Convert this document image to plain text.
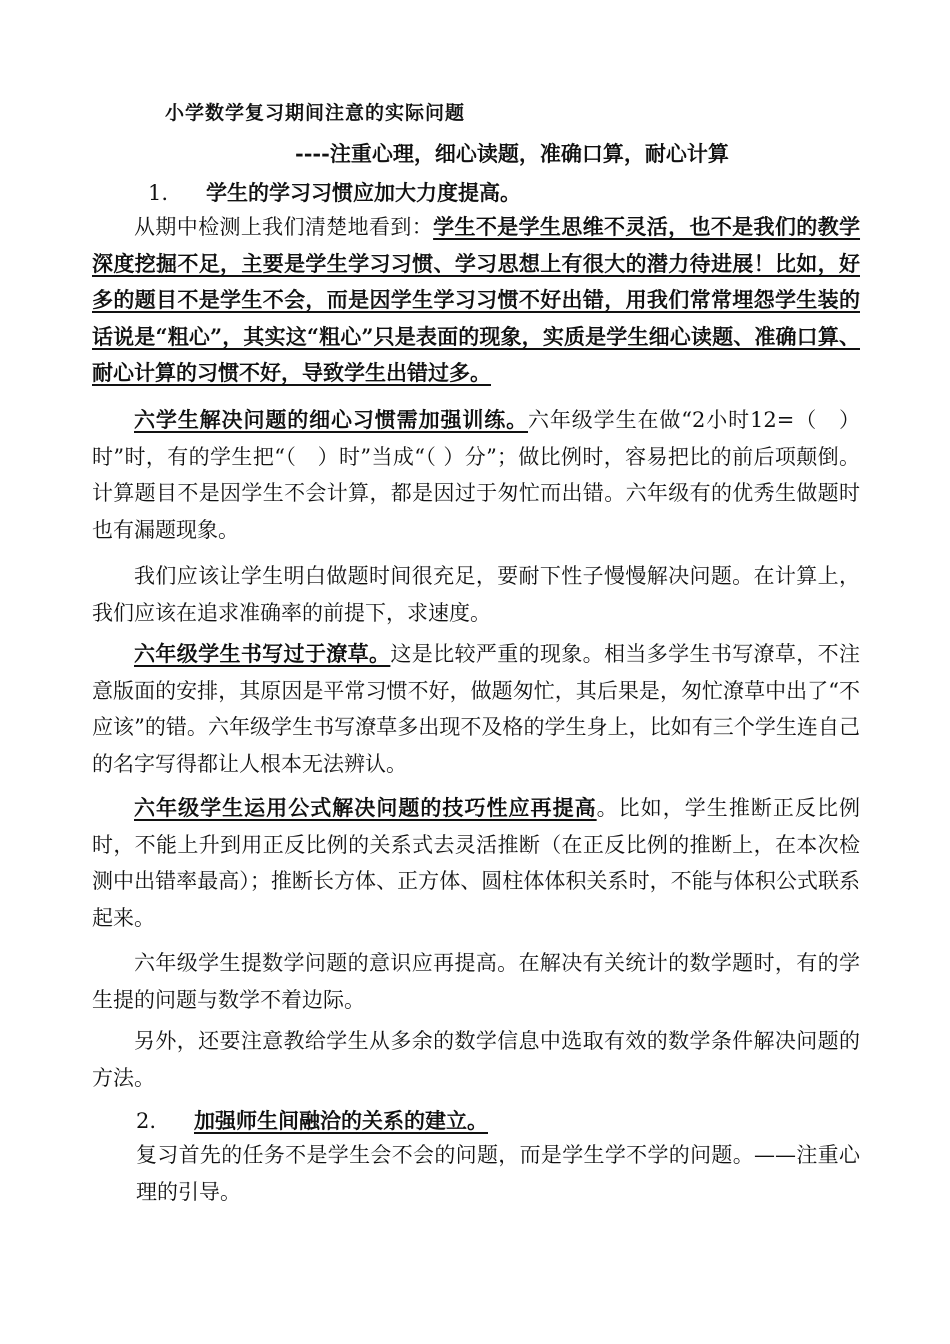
小学数学复习期间注意的实际问题
----注重心理，细心读题，准确口算，耐心计算
1. 学生的学习习惯应加大力度提高。
从期中检测上我们清楚地看到：学生不是学生思维不灵活，也不是我们的教学深度挖掘不足，主要是学生学习习惯、学习思想上有很大的潜力待进展！比如，好多的题目不是学生不会，而是因学生学习习惯不好出错，用我们常常埋怨学生装的话说是“粗心”，其实这“粗心”只是表面的现象，实质是学生细心读题、准确口算、耐心计算的习惯不好，导致学生出错过多。
六学生解决问题的细心习惯需加强训练。六年级学生在做“2小时12=（　）时”时，有的学生把“（　）时”当成“（ ）分”；做比例时，容易把比的前后项颠倒。计算题目不是因学生不会计算，都是因过于匆忙而出错。六年级有的优秀生做题时也有漏题现象。
我们应该让学生明白做题时间很充足，要耐下性子慢慢解决问题。在计算上，我们应该在追求准确率的前提下，求速度。
六年级学生书写过于潦草。这是比较严重的现象。相当多学生书写潦草，不注意版面的安排，其原因是平常习惯不好，做题匆忙，其后果是，匆忙潦草中出了“不应该”的错。六年级学生书写潦草多出现不及格的学生身上，比如有三个学生连自己的名字写得都让人根本无法辨认。
六年级学生运用公式解决问题的技巧性应再提高。比如，学生推断正反比例时，不能上升到用正反比例的关系式去灵活推断（在正反比例的推断上，在本次检测中出错率最高）；推断长方体、正方体、圆柱体体积关系时，不能与体积公式联系起来。
六年级学生提数学问题的意识应再提高。在解决有关统计的数学题时，有的学生提的问题与数学不着边际。
另外，还要注意教给学生从多余的数学信息中选取有效的数学条件解决问题的方法。
2. 加强师生间融洽的关系的建立。
复习首先的任务不是学生会不会的问题，而是学生学不学的问题。——注重心理的引导。
